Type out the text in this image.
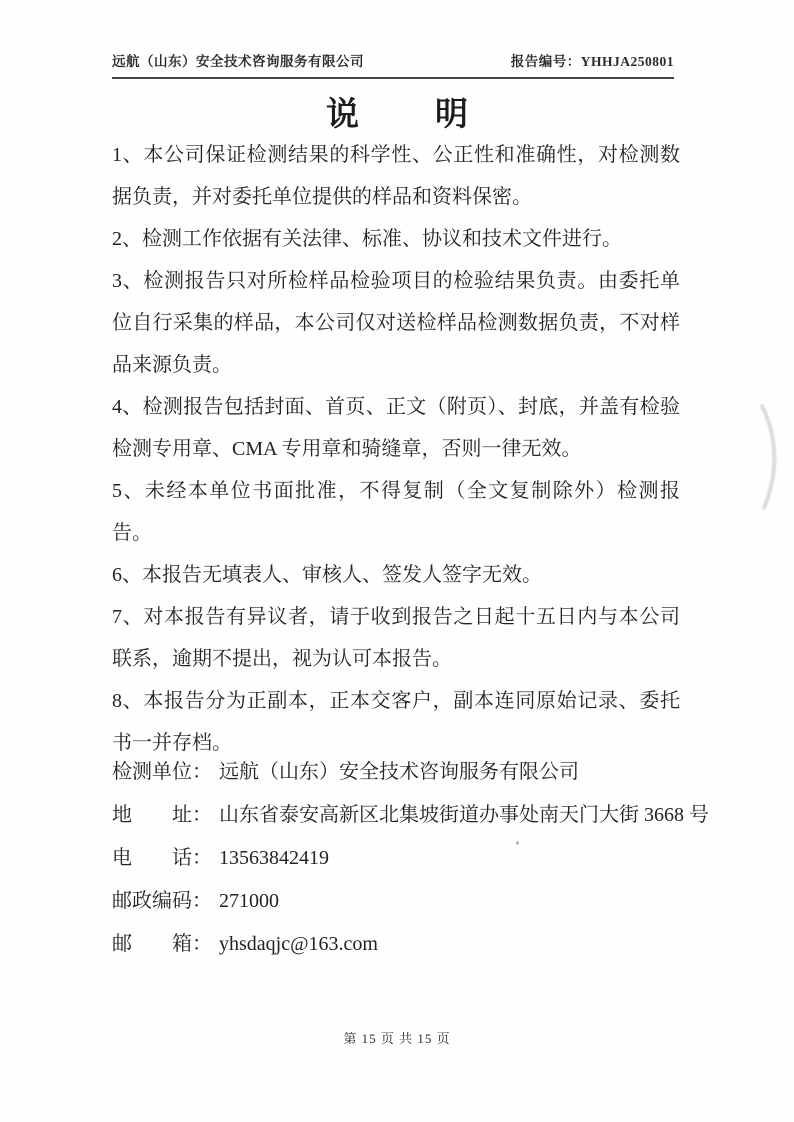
远航（山东）安全技术咨询服务有限公司	报告编号：YHHJA250801
说 明

1、本公司保证检测结果的科学性、公正性和准确性，对检测数据负责，并对委托单位提供的样品和资料保密。

2、检测工作依据有关法律、标准、协议和技术文件进行。

3、检测报告只对所检样品检验项目的检验结果负责。由委托单位自行采集的样品，本公司仅对送检样品检测数据负责，不对样品来源负责。

4、检测报告包括封面、首页、正文（附页）、封底，并盖有检验检测专用章、CMA 专用章和骑缝章，否则一律无效。

5、未经本单位书面批准，不得复制（全文复制除外）检测报告。

6、本报告无填表人、审核人、签发人签字无效。

7、对本报告有异议者，请于收到报告之日起十五日内与本公司联系，逾期不提出，视为认可本报告。

8、本报告分为正副本，正本交客户，副本连同原始记录、委托书一并存档。

检测单位： 远航（山东）安全技术咨询服务有限公司
地　　址： 山东省泰安高新区北集坡街道办事处南天门大街 3668 号
电　　话： 13563842419
邮政编码： 271000
邮　　箱： yhsdaqjc@163.com
第 15 页 共 15 页
